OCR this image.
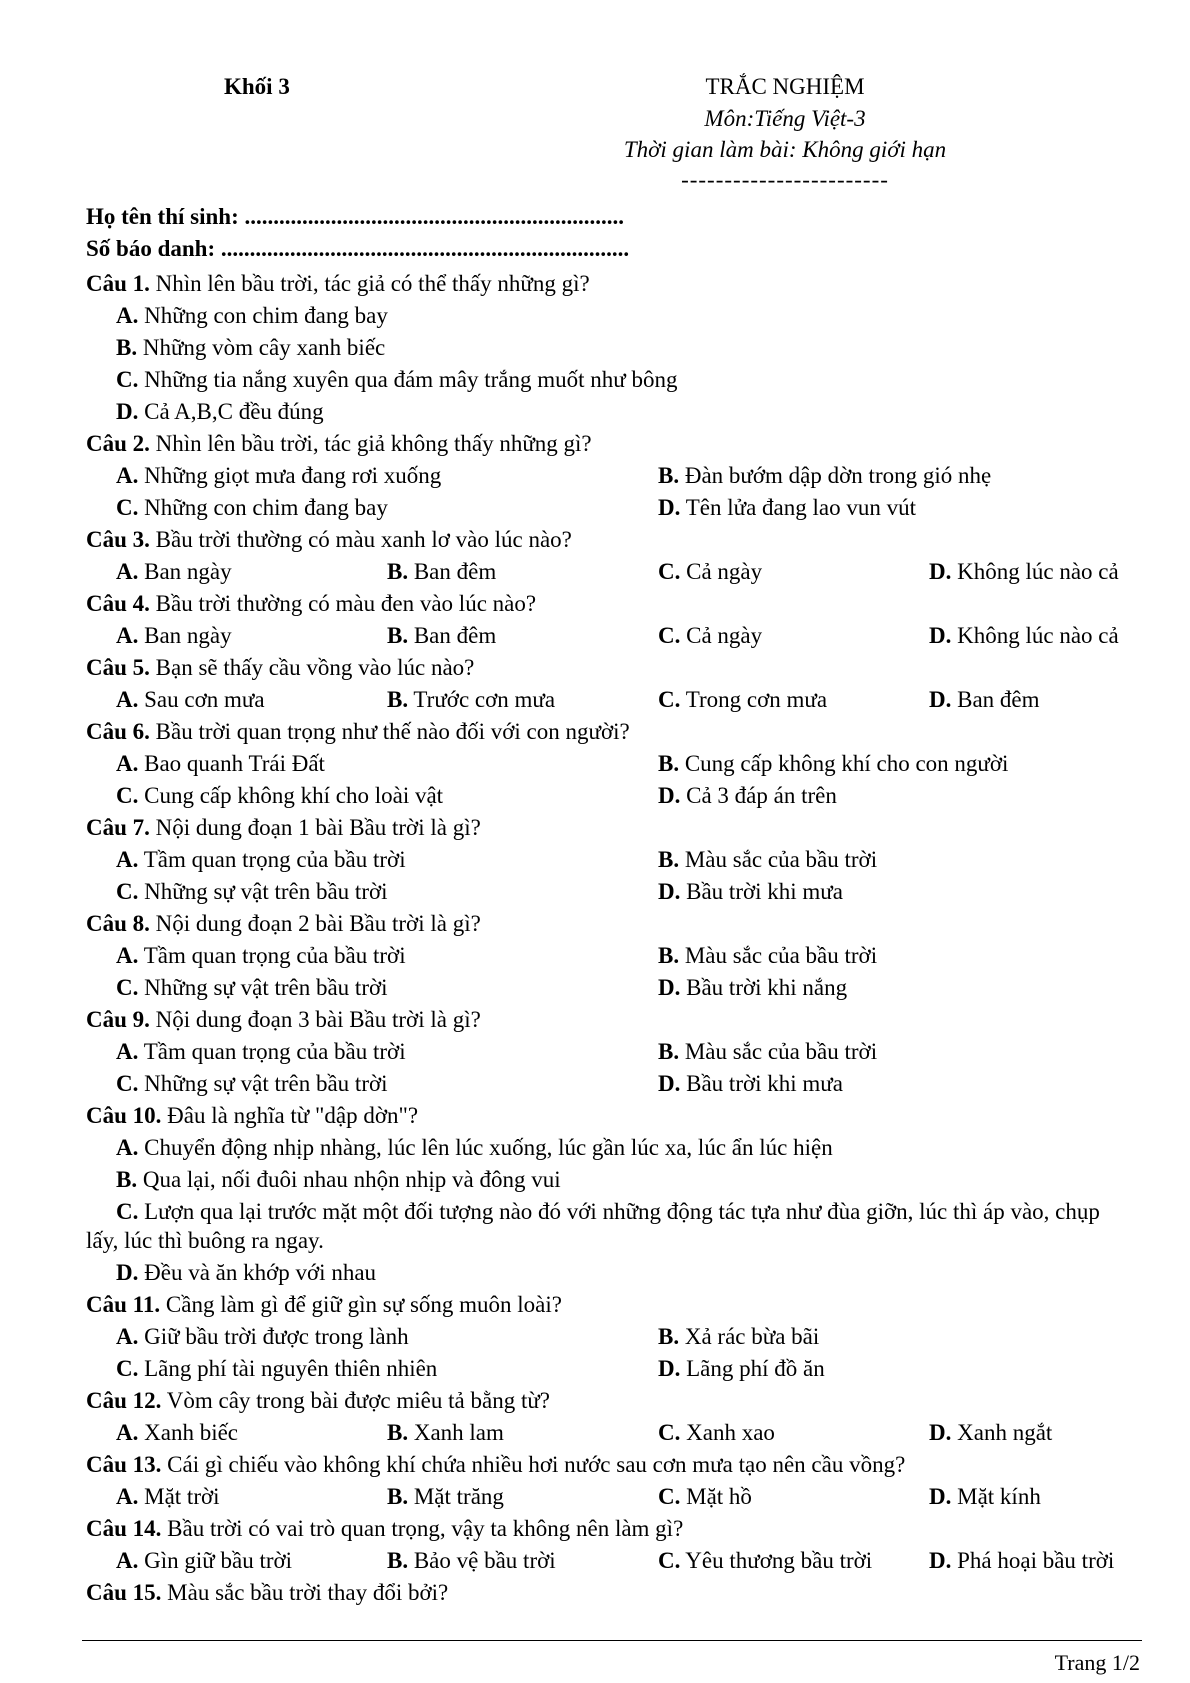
Khối 3	TRẮC NGHIỆM
Môn:Tiếng Việt-3
Thời gian làm bài: Không giới hạn
------------------------
Họ tên thí sinh: ..................................................................
Số báo danh: .......................................................................
Câu 1. Nhìn lên bầu trời, tác giả có thể thấy những gì?
A. Những con chim đang bay
B. Những vòm cây xanh biếc
C. Những tia nắng xuyên qua đám mây trắng muốt như bông
D. Cả A,B,C đều đúng
Câu 2. Nhìn lên bầu trời, tác giả không thấy những gì?
A. Những giọt mưa đang rơi xuống	B. Đàn bướm dập dờn trong gió nhẹ
C. Những con chim đang bay	D. Tên lửa đang lao vun vút
Câu 3. Bầu trời thường có màu xanh lơ vào lúc nào?
A. Ban ngày	B. Ban đêm	C. Cả ngày	D. Không lúc nào cả
Câu 4. Bầu trời thường có màu đen vào lúc nào?
A. Ban ngày	B. Ban đêm	C. Cả ngày	D. Không lúc nào cả
Câu 5. Bạn sẽ thấy cầu vồng vào lúc nào?
A. Sau cơn mưa	B. Trước cơn mưa	C. Trong cơn mưa	D. Ban đêm
Câu 6. Bầu trời quan trọng như thế nào đối với con người?
A. Bao quanh Trái Đất	B. Cung cấp không khí cho con người
C. Cung cấp không khí cho loài vật	D. Cả 3 đáp án trên
Câu 7. Nội dung đoạn 1 bài Bầu trời là gì?
A. Tầm quan trọng của bầu trời	B. Màu sắc của bầu trời
C. Những sự vật trên bầu trời	D. Bầu trời khi mưa
Câu 8. Nội dung đoạn 2 bài Bầu trời là gì?
A. Tầm quan trọng của bầu trời	B. Màu sắc của bầu trời
C. Những sự vật trên bầu trời	D. Bầu trời khi nắng
Câu 9. Nội dung đoạn 3 bài Bầu trời là gì?
A. Tầm quan trọng của bầu trời	B. Màu sắc của bầu trời
C. Những sự vật trên bầu trời	D. Bầu trời khi mưa
Câu 10. Đâu là nghĩa từ "dập dờn"?
A. Chuyển động nhịp nhàng, lúc lên lúc xuống, lúc gần lúc xa, lúc ẩn lúc hiện
B. Qua lại, nối đuôi nhau nhộn nhịp và đông vui
C. Lượn qua lại trước mặt một đối tượng nào đó với những động tác tựa như đùa giỡn, lúc thì áp vào, chụp lấy, lúc thì buông ra ngay.
D. Đều và ăn khớp với nhau
Câu 11. Cầng làm gì để giữ gìn sự sống muôn loài?
A. Giữ bầu trời được trong lành	B. Xả rác bừa bãi
C. Lãng phí tài nguyên thiên nhiên	D. Lãng phí đồ ăn
Câu 12. Vòm cây trong bài được miêu tả bằng từ?
A. Xanh biếc	B. Xanh lam	C. Xanh xao	D. Xanh ngắt
Câu 13. Cái gì chiếu vào không khí chứa nhiều hơi nước sau cơn mưa tạo nên cầu vồng?
A. Mặt trời	B. Mặt trăng	C. Mặt hồ	D. Mặt kính
Câu 14. Bầu trời có vai trò quan trọng, vậy ta không nên làm gì?
A. Gìn giữ bầu trời	B. Bảo vệ bầu trời	C. Yêu thương bầu trời D. Phá hoại bầu trời
Câu 15. Màu sắc bầu trời thay đổi bởi?
Trang 1/2
